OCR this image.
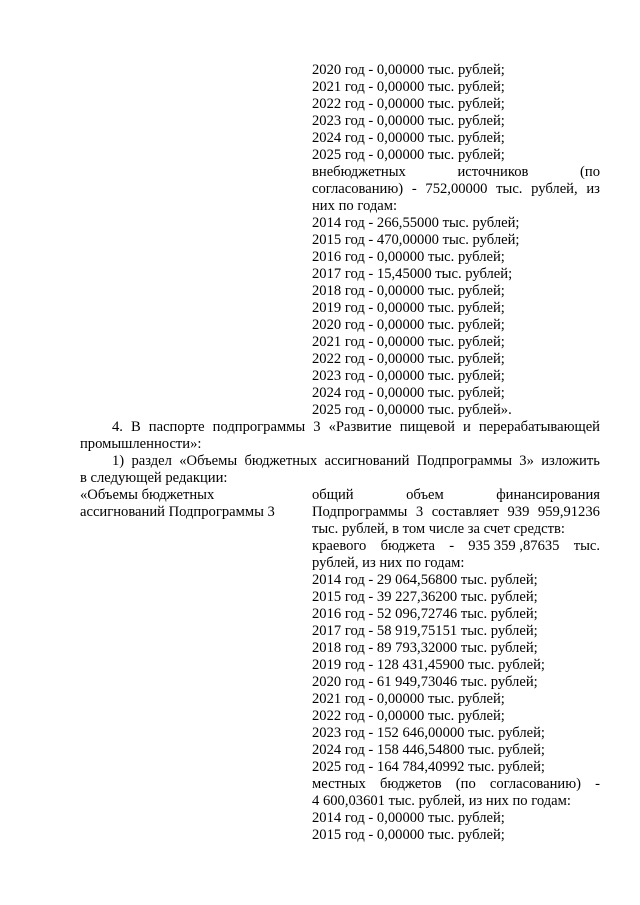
2020 год - 0,00000 тыс. рублей;
2021 год - 0,00000 тыс. рублей;
2022 год - 0,00000 тыс. рублей;
2023 год - 0,00000 тыс. рублей;
2024 год - 0,00000 тыс. рублей;
2025 год - 0,00000 тыс. рублей;
внебюджетных	источников	(по
согласованию) - 752,00000 тыс. рублей, из
них по годам:
2014 год - 266,55000 тыс. рублей;
2015 год - 470,00000 тыс. рублей;
2016 год - 0,00000 тыс. рублей;
2017 год - 15,45000 тыс. рублей;
2018 год - 0,00000 тыс. рублей;
2019 год - 0,00000 тыс. рублей;
2020 год - 0,00000 тыс. рублей;
2021 год - 0,00000 тыс. рублей;
2022 год - 0,00000 тыс. рублей;
2023 год - 0,00000 тыс. рублей;
2024 год - 0,00000 тыс. рублей;
2025 год - 0,00000 тыс. рублей».
4. В паспорте подпрограммы 3 «Развитие пищевой и перерабатывающей
промышленности»:
1) раздел «Объемы бюджетных ассигнований Подпрограммы 3» изложить
в следующей редакции:
«Объемы бюджетных
ассигнований Подпрограммы 3
общий	объем	финансирования
Подпрограммы 3 составляет 939 959,91236
тыс. рублей, в том числе за счет средств:
краевого бюджета - 935 359 ,87635 тыс.
рублей, из них по годам:
2014 год - 29 064,56800 тыс. рублей;
2015 год - 39 227,36200 тыс. рублей;
2016 год - 52 096,72746 тыс. рублей;
2017 год - 58 919,75151 тыс. рублей;
2018 год - 89 793,32000 тыс. рублей;
2019 год - 128 431,45900 тыс. рублей;
2020 год - 61 949,73046 тыс. рублей;
2021 год - 0,00000 тыс. рублей;
2022 год - 0,00000 тыс. рублей;
2023 год - 152 646,00000 тыс. рублей;
2024 год - 158 446,54800 тыс. рублей;
2025 год - 164 784,40992 тыс. рублей;
местных бюджетов (по согласованию) -
4 600,03601 тыс. рублей, из них по годам:
2014 год - 0,00000 тыс. рублей;
2015 год - 0,00000 тыс. рублей;
